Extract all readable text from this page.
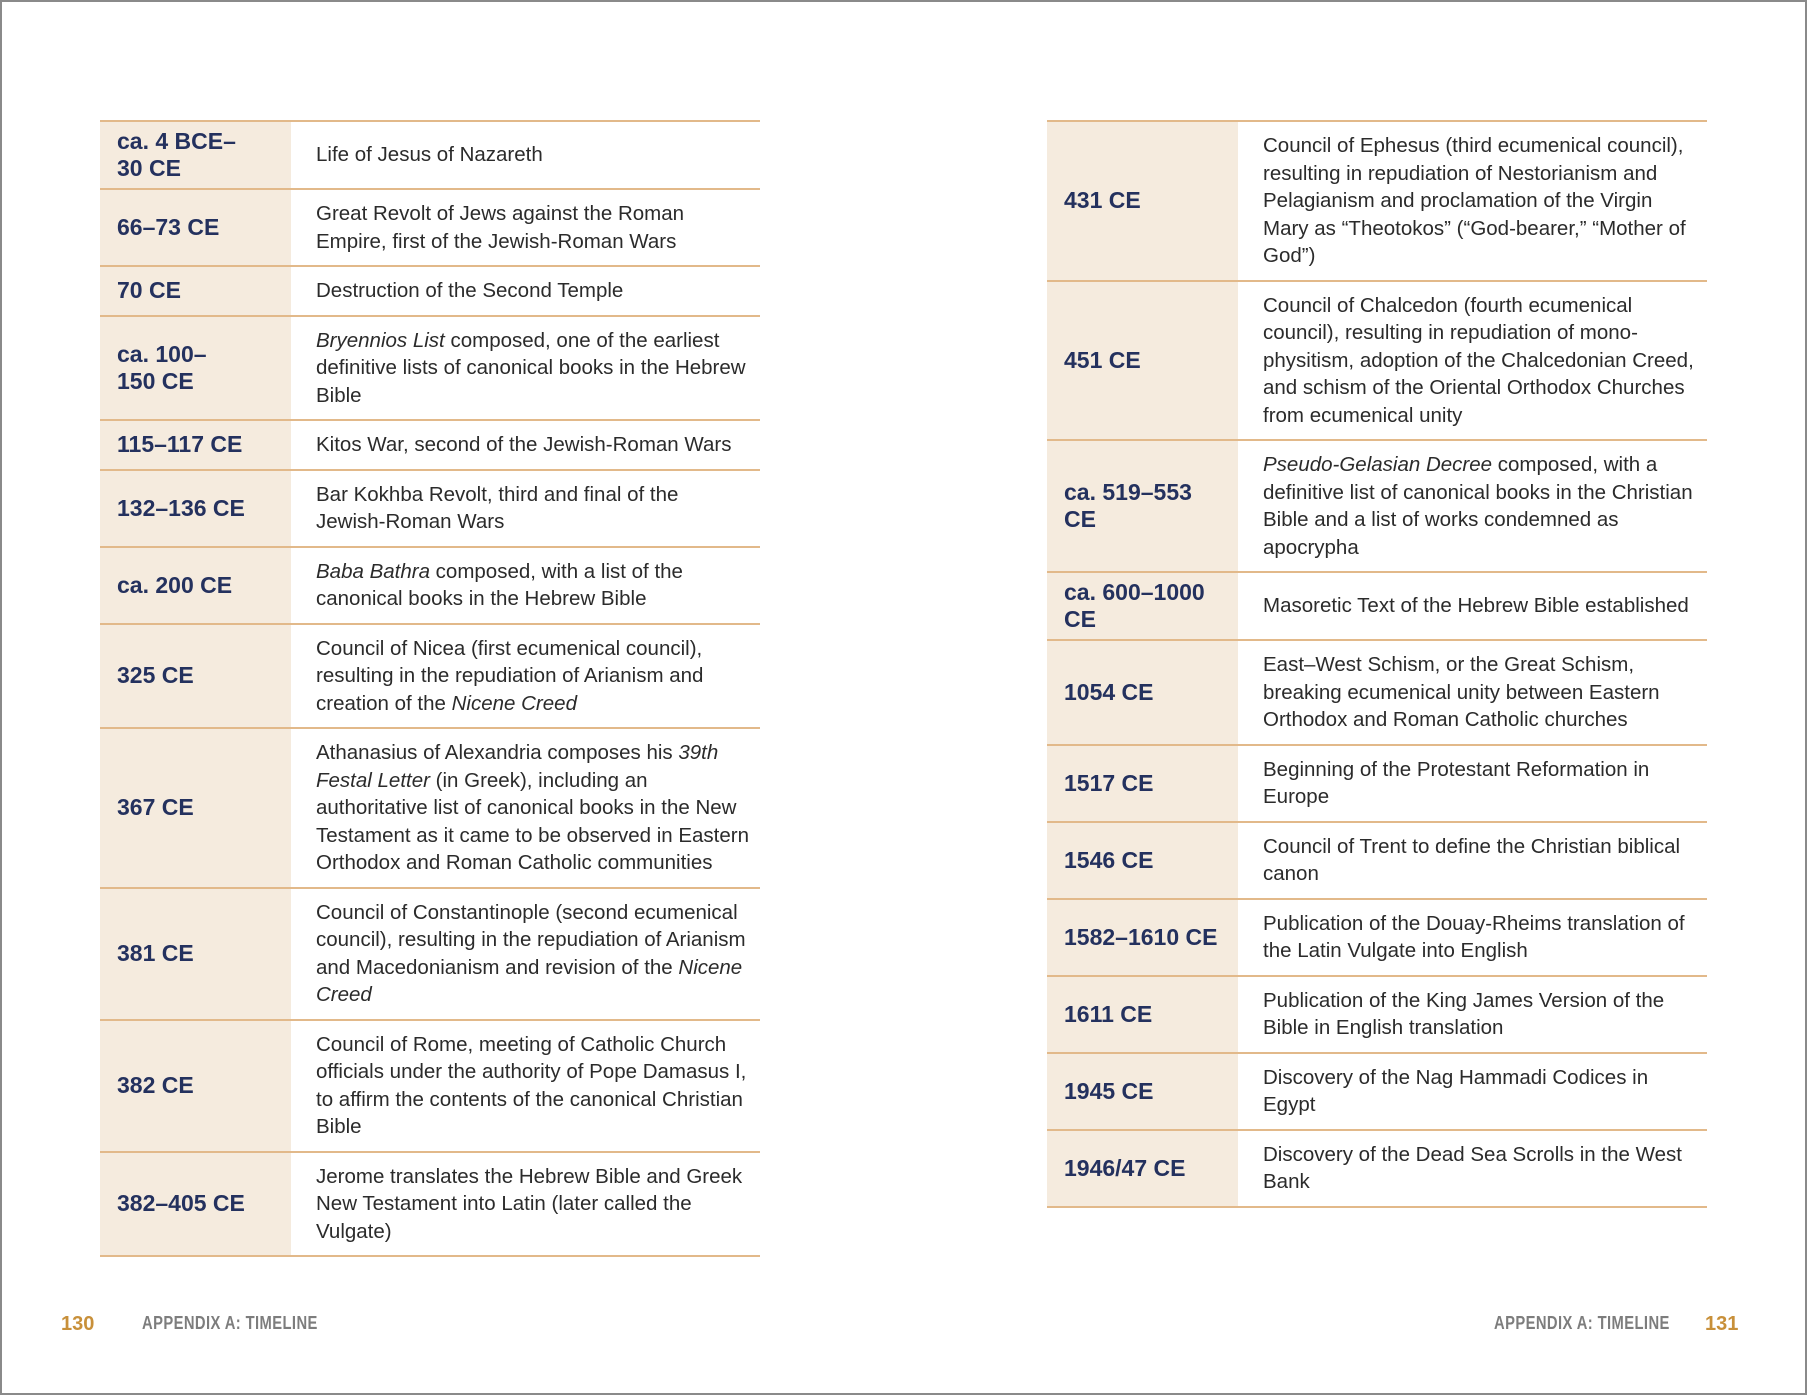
ca. 4 BCE–
30 CE	Life of Jesus of Nazareth
66–73 CE	Great Revolt of Jews against the Roman Empire, first of the Jewish-Roman Wars
70 CE	Destruction of the Second Temple
ca. 100–
150 CE	Bryennios List composed, one of the earliest definitive lists of canonical books in the Hebrew Bible
115–117 CE	Kitos War, second of the Jewish-Roman Wars
132–136 CE	Bar Kokhba Revolt, third and final of the Jewish-Roman Wars
ca. 200 CE	Baba Bathra composed, with a list of the canonical books in the Hebrew Bible
325 CE	Council of Nicea (first ecumenical council), resulting in the repudiation of Arianism and creation of the Nicene Creed
367 CE	Athanasius of Alexandria composes his 39th Festal Letter (in Greek), including an authoritative list of canonical books in the New Testament as it came to be observed in Eastern Orthodox and Roman Catholic communities
381 CE	Council of Constantinople (second ecumenical council), resulting in the repudiation of Arianism and Macedonianism and revision of the Nicene Creed
382 CE	Council of Rome, meeting of Catholic Church officials under the authority of Pope Damasus I, to affirm the contents of the canonical Christian Bible
382–405 CE	Jerome translates the Hebrew Bible and Greek New Testament into Latin (later called the Vulgate)
431 CE	Council of Ephesus (third ecumenical council), resulting in repudiation of Nestorianism and Pelagianism and proclamation of the Virgin Mary as “Theotokos” (“God-bearer,” “Mother of God”)
451 CE	Council of Chalcedon (fourth ecumenical council), resulting in repudiation of monophysitism, adoption of the Chalcedonian Creed, and schism of the Oriental Orthodox Churches from ecumenical unity
ca. 519–553
CE	Pseudo-Gelasian Decree composed, with a definitive list of canonical books in the Christian Bible and a list of works condemned as apocrypha
ca. 600–1000
CE	Masoretic Text of the Hebrew Bible established
1054 CE	East–West Schism, or the Great Schism, breaking ecumenical unity between Eastern Orthodox and Roman Catholic churches
1517 CE	Beginning of the Protestant Reformation in Europe
1546 CE	Council of Trent to define the Christian biblical canon
1582–1610 CE	Publication of the Douay-Rheims translation of the Latin Vulgate into English
1611 CE	Publication of the King James Version of the Bible in English translation
1945 CE	Discovery of the Nag Hammadi Codices in Egypt
1946/47 CE	Discovery of the Dead Sea Scrolls in the West Bank
130	APPENDIX A: TIMELINE	APPENDIX A: TIMELINE 131
